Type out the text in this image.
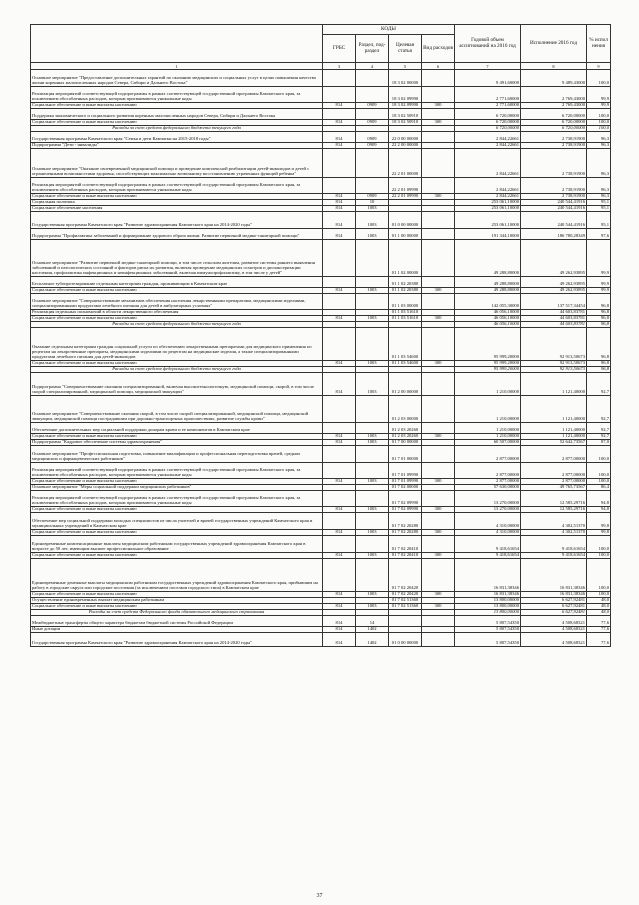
	КОДЫ				Годовой объем ассигнований на 2016 год	Исполнение 2016 год	% испол нения
	ГРБС	Раздел, под-раздел	Целевая статья	Вид расходов			
1	3	4	5	6	7	8	9
Основное мероприятие "Предоставление дополнительных гарантий по оказанию медицинских и социальных услуг в целях повышения качества жизни коренных малочисленных народов Севера, Сибири и Дальнего Востока"			18 3 02 00000		9 491,60000	9 489,43000	100,0
Реализация мероприятий соответствующей подпрограммы в рамках соответствующей государственной программы Камчатского края, за исключением обособленных расходов, которым присваиваются уникальные коды			18 3 02 09990		2 771,60000	2 769,43000	99,9
Социальное обеспечение и иные выплаты населению	814	0909	18 3 02 09990	300	2 771,60000	2 769,43000	99,9
Поддержка экономического и социального развития коренных малочисленных народов Севера, Сибири и Дальнего Востока			18 3 02 50910		6 720,00000	6 720,00000	100,0
Социальное обеспечение и иные выплаты населению	814	0909	18 3 02 50910	300	6 720,00000	6 720,00000	100,0
Расходы за счет средств федерального бюджета текущего года					6 720,00000	6 720,00000	100,0
Государственная программа Камчатского края "Семья и дети Камчатки на 2015-2018 годы"	814	0909	22 0 00 00000		2 844,22661	2 738,91900	96,3
Подпрограмма "Дети - инвалиды"	814	0909	22 2 00 00000		2 844,22661	2 738,91900	96,3
Основное мероприятие "Оказание своевременной медицинской помощи и проведение комплексной реабилитации детей-инвалидов и детей с ограниченными возможностями здоровья, способствующих максимально возможному восстановлению утраченных функций ребенка"			22 2 01 00000		2 844,22661	2 738,91900	96,3
Реализация мероприятий соответствующей подпрограммы в рамках соответствующей государственной программы Камчатского края, за исключением обособленных расходов, которым присваиваются уникальные коды			22 2 01 09990		2 844,22661	2 738,91900	96,3
Социальное обеспечение и иные выплаты населению	814	0909	22 2 01 09990	300	2 844,22661	2 738,91900	96,3
Социальная политика	814	10			253 061,10000	240 544,41916	95,1
Социальное обеспечение населения	814	1003			253 061,10000	240 544,41916	95,1
Государственная программа Камчатского края "Развитие здравоохранения Камчатского края на 2014-2020 годы"	814	1003	01 0 00 00000		253 061,10000	240 544,41916	95,1
Подпрограмма "Профилактика заболеваний и формирование здорового образа жизни. Развитие первичной медико-санитарной помощи"	814	1003	01 1 00 00000		191 344,10000	186 780,28349	97,6
Основное мероприятие "Развитие первичной медико-санитарной помощи, в том числе сельским жителям, развитие системы раннего выявления заболеваний и патологических состояний и факторов риска их развития, включая проведение медицинских осмотров и диспансеризации населения, профилактика инфекционных и неинфекционных заболеваний, включая иммунопрофилактику, в том числе у детей"			01 1 02 00000		49 288,80000	49 262,93895	99,9
Бесплатное зубопротезирование отдельным категориям граждан, проживающим в Камчатском крае			01 1 02 20380		49 288,80000	49 262,93895	99,9
Социальное обеспечение и иные выплаты населению	814	1003	01 1 02 20380	300	49 288,80000	49 262,93895	99,9
Основное мероприятие "Совершенствование механизмов обеспечения населения лекарственными препаратами, медицинскими изделиями, специализированными продуктами лечебного питания для детей в амбулаторных условиях"			01 1 03 00000		142 055,30000	137 517,34454	96,8
Реализация отдельных полномочий в области лекарственного обеспечения			01 1 03 51610		46 056,10000	44 603,83781	96,8
Социальное обеспечение и иные выплаты населению	814	1003	01 1 03 51610	300	46 056,10000	44 603,83781	96,8
Расходы за счет средств федерального бюджета текущего года					46 056,10000	44 603,83781	96,8
Оказание отдельным категориям граждан социальной услуги по обеспечению лекарственными препаратами для медицинского применения по рецептам на лекарственные препараты, медицинскими изделиями по рецептам на медицинские изделия, а также специализированными продуктами лечебного питания для детей-инвалидов			01 1 03 54600		95 999,20000	92 913,50673	96,8
Социальное обеспечение и иные выплаты населению	814	1003	01 1 03 54600	300	95 999,20000	92 913,50673	96,8
Расходы за счет средств федерального бюджета текущего года					95 999,20000	92 913,50673	96,8
Подпрограмма "Совершенствование оказания специализированной, включая высокотехнологичную, медицинской помощи, скорой, в том числе скорой специализированной, медицинской помощи, медицинской эвакуации"	814	1003	01 2 00 00000		1 210,00000	1 121,40000	92,7
Основное мероприятие "Совершенствование оказания скорой, в том числе скорой специализированной, медицинской помощи, медицинской эвакуации, медицинской помощи пострадавшим при дорожно-транспортных происшествиях, развитие службы крови"			01 2 03 00000		1 210,00000	1 121,40000	92,7
Обеспечение дополнительных мер социальной поддержки донорам крови и ее компонентов в Камчатском крае			01 2 03 20260		1 210,00000	1 121,40000	92,7
Социальное обеспечение и иные выплаты населению	814	1003	01 2 03 20260	300	1 210,00000	1 121,40000	92,7
Подпрограмма "Кадровое обеспечение системы здравоохранения"	814	1003	01 7 00 00000		60 507,00000	52 642,73567	87,0
Основное мероприятие "Профессиональная подготовка, повышение квалификации и профессиональная переподготовка врачей, средних медицинских и фармацевтических работников"			01 7 01 00000		2 877,00000	2 877,00000	100,0
Реализация мероприятий соответствующей подпрограммы в рамках соответствующей государственной программы Камчатского края, за исключением обособленных расходов, которым присваиваются уникальные коды			01 7 01 09990		2 877,00000	2 877,00000	100,0
Социальное обеспечение и иные выплаты населению	814	1003	01 7 01 09990	300	2 877,00000	2 877,00000	100,0
Основное мероприятие "Меры социальной поддержки медицинских работников"			01 7 02 00000		57 630,00000	49 765,73567	86,4
Реализация мероприятий соответствующей подпрограммы в рамках соответствующей государственной программы Камчатского края, за исключением обособленных расходов, которым присваиваются уникальные коды			01 7 02 09990		13 270,00000	12 585,29716	94,8
Социальное обеспечение и иные выплаты населению	814	1003	01 7 02 09990	300	13 270,00000	12 585,29716	94,8
Обеспечение мер социальной поддержки молодых специалистов из числа учителей и врачей государственных учреждений Камчатского края и муниципальных учреждений в Камчатском крае			01 7 02 20280		4 310,00000	4 302,51370	99,8
Социальное обеспечение и иные выплаты населению	814	1003	01 7 02 20280	300	4 310,00000	4 302,51370	99,8
Единовременные компенсационные выплаты медицинским работникам государственных учреждений здравоохранения Камчатского края в возрасте до 50 лет, имеющим высшее профессиональное образование			01 7 02 20410		9 418,61654	9 418,61654	100,0
Социальное обеспечение и иные выплаты населению	814	1003	01 7 02 20410	300	9 418,61654	9 418,61654	100,0
Единовременные денежные выплаты медицинским работникам государственных учреждений здравоохранения Камчатского края, прибывшим на работу в городские округа или городские поселения (за исключением поселков городского типа) в Камчатском крае			01 7 02 20420		16 831,38346	16 831,38346	100,0
Социальное обеспечение и иные выплаты населению	814	1003	01 7 02 20420	300	16 831,38346	16 831,38346	100,0
Осуществление единовременных выплат медицинским работникам			01 7 02 51360		13 800,00000	6 627,92481	48,0
Социальное обеспечение и иные выплаты населению	814	1003	01 7 02 51360	300	13 800,00000	6 627,92481	48,0
Расходы за счет средств Федерального фонда обязательного медицинского страхования					13 800,00000	6 627,92481	48,0
Межбюджетные трансферты общего характера бюджетам бюджетной системы Российской Федерации	814	14			5 807,54350	4 508,68321	77,6
Иные дотации	814	1402			5 807,54350	4 508,68321	77,6
Государственная программа Камчатского края "Развитие здравоохранения Камчатского края на 2014-2020 годы"	814	1402	01 0 00 00000		5 807,54350	4 508,68321	77,6
37
